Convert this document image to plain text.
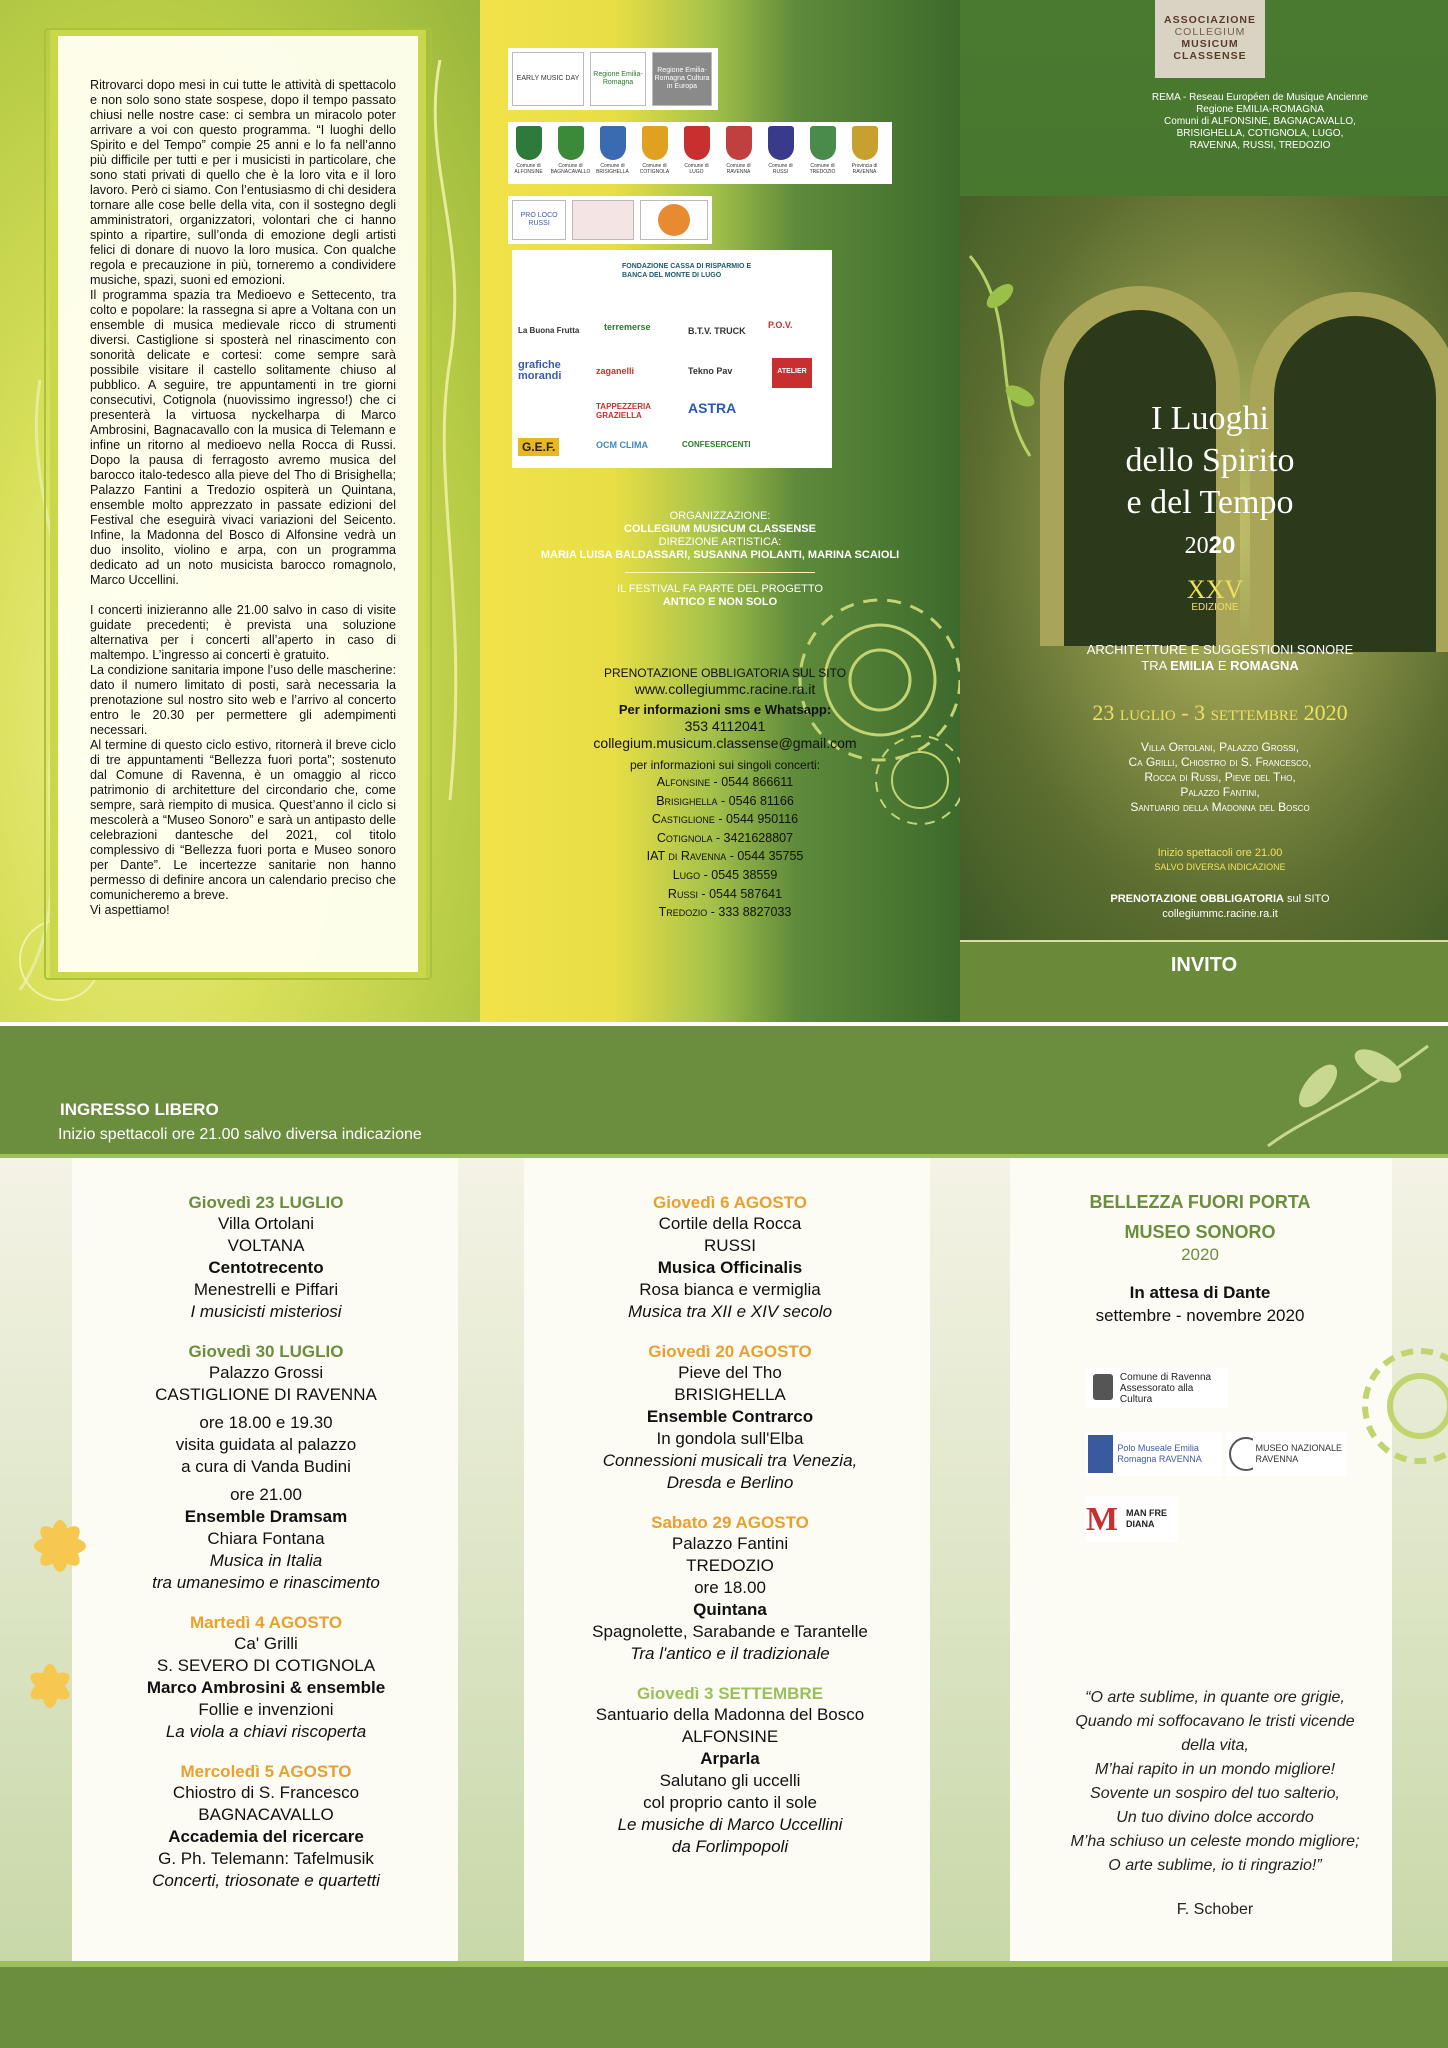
Ritrovarci dopo mesi in cui tutte le attività di spettacolo e non solo sono state sospese, dopo il tempo passato chiusi nelle nostre case: ci sembra un miracolo poter arrivare a voi con questo programma. “I luoghi dello Spirito e del Tempo” compie 25 anni e lo fa nell’anno più difficile per tutti e per i musicisti in particolare, che sono stati privati di quello che è la loro vita e il loro lavoro. Però ci siamo. Con l’entusiasmo di chi desidera tornare alle cose belle della vita, con il sostegno degli amministratori, organizzatori, volontari che ci hanno spinto a ripartire, sull’onda di emozione degli artisti felici di donare di nuovo la loro musica. Con qualche regola e precauzione in più, torneremo a condividere musiche, spazi, suoni ed emozioni.

Il programma spazia tra Medioevo e Settecento, tra colto e popolare: la rassegna si apre a Voltana con un ensemble di musica medievale ricco di strumenti diversi. Castiglione si sposterà nel rinascimento con sonorità delicate e cortesi: come sempre sarà possibile visitare il castello solitamente chiuso al pubblico. A seguire, tre appuntamenti in tre giorni consecutivi, Cotignola (nuovissimo ingresso!) che ci presenterà la virtuosa nyckelharpa di Marco Ambrosini, Bagnacavallo con la musica di Telemann e infine un ritorno al medioevo nella Rocca di Russi. Dopo la pausa di ferragosto avremo musica del barocco italo-tedesco alla pieve del Tho di Brisighella; Palazzo Fantini a Tredozio ospiterà un Quintana, ensemble molto apprezzato in passate edizioni del Festival che eseguirà vivaci variazioni del Seicento. Infine, la Madonna del Bosco di Alfonsine vedrà un duo insolito, violino e arpa, con un programma dedicato ad un noto musicista barocco romagnolo, Marco Uccellini.

I concerti inizieranno alle 21.00 salvo in caso di visite guidate precedenti; è prevista una soluzione alternativa per i concerti all’aperto in caso di maltempo. L’ingresso ai concerti è gratuito.

La condizione sanitaria impone l’uso delle mascherine: dato il numero limitato di posti, sarà necessaria la prenotazione sul nostro sito web e l’arrivo al concerto entro le 20.30 per permettere gli adempimenti necessari.

Al termine di questo ciclo estivo, ritornerà il breve ciclo di tre appuntamenti “Bellezza fuori porta”; sostenuto dal Comune di Ravenna, è un omaggio al ricco patrimonio di architetture del circondario che, come sempre, sarà riempito di musica. Quest’anno il ciclo si mescolerà a “Museo Sonoro” e sarà un antipasto delle celebrazioni dantesche del 2021, col titolo complessivo di “Bellezza fuori porta e Museo sonoro per Dante”. Le incertezze sanitarie non hanno permesso di definire ancora un calendario preciso che comunicheremo a breve.

Vi aspettiamo!

EARLY MUSIC DAY
Regione Emilia-Romagna
Regione Emilia-Romagna Cultura in Europa
Comune di ALFONSINE
Comune di BAGNACAVALLO
Comune di BRISIGHELLA
Comune di COTIGNOLA
Comune di LUGO
Comune di RAVENNA
Comune di RUSSI
Comune di TREDOZIO
Provincia di RAVENNA
PRO LOCO RUSSI
FONDAZIONE CASSA DI RISPARMIO E BANCA DEL MONTE DI LUGO
La Buona Frutta	terremerse	B.T.V. TRUCK
P.O.V.
grafiche morandi	zaganelli	Tekno Pav	ATELIER
TAPPEZZERIA GRAZIELLA	ASTRA
G.E.F.	OCM CLIMA	CONFESERCENTI
ORGANIZZAZIONE:
COLLEGIUM MUSICUM CLASSENSE
DIREZIONE ARTISTICA:
MARIA LUISA BALDASSARI, SUSANNA PIOLANTI, MARINA SCAIOLI
IL FESTIVAL FA PARTE DEL PROGETTO
ANTICO E NON SOLO
PRENOTAZIONE OBBLIGATORIA SUL SITO
www.collegiummc.racine.ra.it
Per informazioni sms e Whatsapp:
353 4112041
collegium.musicum.classense@gmail.com
per informazioni sui singoli concerti:
Alfonsine - 0544 866611
Brisighella - 0546 81166
Castiglione - 0544 950116
Cotignola - 3421628807
IAT di Ravenna - 0544 35755
Lugo - 0545 38559
Russi - 0544 587641
Tredozio - 333 8827033
ASSOCIAZIONE
COLLEGIUM
MUSICUM
CLASSENSE
REMA - Reseau Européen de Musique Ancienne
Regione EMILIA-ROMAGNA
Comuni di ALFONSINE, BAGNACAVALLO,
BRISIGHELLA, COTIGNOLA, LUGO,
RAVENNA, RUSSI, TREDOZIO
I Luoghi
dello Spirito
e del Tempo
2020
XXV
EDIZIONE
ARCHITETTURE E SUGGESTIONI SONORE
TRA EMILIA E ROMAGNA
23 luglio - 3 settembre 2020
Villa Ortolani, Palazzo Grossi,
Ca Grilli, Chiostro di S. Francesco,
Rocca di Russi, Pieve del Tho,
Palazzo Fantini,
Santuario della Madonna del Bosco
Inizio spettacoli ore 21.00
SALVO DIVERSA INDICAZIONE
PRENOTAZIONE OBBLIGATORIA sul SITO
collegiummc.racine.ra.it
INVITO
INGRESSO LIBERO
Inizio spettacoli ore 21.00 salvo diversa indicazione
Giovedì 23 LUGLIO
Villa Ortolani
VOLTANA
Centotrecento
Menestrelli e Piffari
I musicisti misteriosi
Giovedì 30 LUGLIO
Palazzo Grossi
CASTIGLIONE DI RAVENNA
ore 18.00 e 19.30
visita guidata al palazzo
a cura di Vanda Budini
ore 21.00
Ensemble Dramsam
Chiara Fontana
Musica in Italia
tra umanesimo e rinascimento
Martedì 4 AGOSTO
Ca' Grilli
S. SEVERO DI COTIGNOLA
Marco Ambrosini & ensemble
Follie e invenzioni
La viola a chiavi riscoperta
Mercoledì 5 AGOSTO
Chiostro di S. Francesco
BAGNACAVALLO
Accademia del ricercare
G. Ph. Telemann: Tafelmusik
Concerti, triosonate e quartetti
Giovedì 6 AGOSTO
Cortile della Rocca
RUSSI
Musica Officinalis
Rosa bianca e vermiglia
Musica tra XII e XIV secolo
Giovedì 20 AGOSTO
Pieve del Tho
BRISIGHELLA
Ensemble Contrarco
In gondola sull'Elba
Connessioni musicali tra Venezia,
Dresda e Berlino
Sabato 29 AGOSTO
Palazzo Fantini
TREDOZIO
ore 18.00
Quintana
Spagnolette, Sarabande e Tarantelle
Tra l'antico e il tradizionale
Giovedì 3 SETTEMBRE
Santuario della Madonna del Bosco
ALFONSINE
Arparla
Salutano gli uccelli
col proprio canto il sole
Le musiche di Marco Uccellini
da Forlimpopoli
BELLEZZA FUORI PORTA
MUSEO SONORO
2020
In attesa di Dante
settembre - novembre 2020
Comune di Ravenna
Assessorato alla Cultura
Polo Museale Emilia Romagna RAVENNA
MUSEO NAZIONALE RAVENNA
M MAN FRE DIANA
“O arte sublime, in quante ore grigie,
Quando mi soffocavano le tristi vicende
della vita,
M’hai rapito in un mondo migliore!
Sovente un sospiro del tuo salterio,
Un tuo divino dolce accordo
M’ha schiuso un celeste mondo migliore;
O arte sublime, io ti ringrazio!”
F. Schober
